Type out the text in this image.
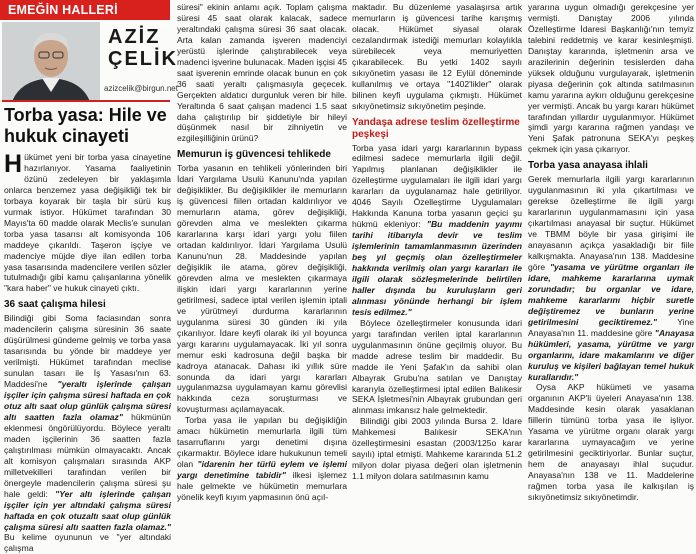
EMEĞİN HALLERİ
AZİZ
ÇELİK
azizcelik@birgun.net
Torba yasa: Hile ve hukuk cinayeti

Hükümet yeni bir torba yasa cinayetine hazırlanıyor. Yasama faaliyetinin özünü zedeleyen bir yaklaşımla onlarca benzemez yasa değişikliği tek bir torbaya koyarak bir taşla bir sürü kuş vurmak istiyor. Hükümet tarafından 30 Mayıs'ta 60 madde olarak Meclis'e sunulan torba yasa tasarısı alt komisyonda 106 maddeye çıkarıldı. Taşeron işçiye ve madenciye müjde diye ilan edilen torba yasa tasarısında madencilere verilen sözler tutulmadığı gibi kamu çalışanlarına yönelik "kara haber" ve hukuk cinayeti çıktı.

36 saat çalışma hilesi

Bilindiği gibi Soma faciasından sonra madencilerin çalışma süresinin 36 saate düşürülmesi gündeme gelmiş ve torba yasa tasarısında bu yönde bir maddeye yer verilmişti. Hükümet tarafından meclise sunulan tasarı ile İş Yasası'nın 63. Maddesi'ne "yeraltı işlerinde çalışan işçiler için çalışma süresi haftada en çok otuz altı saat olup günlük çalışma süresi altı saatten fazla olamaz" hükmünün eklenmesi öngörülüyordu. Böylece yeraltı maden işçilerinin 36 saatten fazla çalıştırılması mümkün olmayacaktı. Ancak alt komisyon çalışmaları sırasında AKP milletvekilleri tarafından verilen bir önergeyle madencilerin çalışma süresi şu hale geldi: "Yer altı işlerinde çalışan işçiler için yer altındaki çalışma süresi haftada en çok otuzaltı saat olup günlük çalışma süresi altı saatten fazla olamaz." Bu kelime oyununun ve "yer altındaki çalışma

süresi" ekinin anlamı açık. Toplam çalışma süresi 45 saat olarak kalacak, sadece yeraltındaki çalışma süresi 36 saat olacak. Arta kalan zamanda işveren madenciyi yerüstü işlerinde çalıştırabilecek veya madenci işverine bulunacak. Maden işçisi 45 saat işverenin emrinde olacak bunun en çok 36 saati yeraltı çalışmasıyla geçecek. Gerçekten aldatıcı durgunluk veren bir hile. Yeraltında 6 saat çalışan madenci 1.5 saat daha çalıştırılıp bir şiddetiyle bir hileyi düşünmek nasıl bir zihniyetin ve ezgileşilliğinin ürünü?

Memurun iş güvencesi tehlikede

Torba yasanın en tehlikeli yönlerinden biri İdari Yargılama Usulü Kanunu'nda yapılan değişiklikler. Bu değişiklikler ile memurların iş güvencesi fiilen ortadan kaldırılıyor ve memurların atama, görev değişikliği, görevden alma ve meslekten çıkarma kararlarına karşı idari yargı yolu fiilen ortadan kaldırılıyor. İdari Yargılama Usulü Kanunu'nun 28. Maddesinde yapılan değişiklik ile atama, görev değişikliği, görevden alma ve meslekten çıkarmaya ilişkin idari yargı kararlarının yerine getirilmesi, sadece iptal verilen işlemin iptali ve yürütmeyi durdurma kararlarının uygulanma süresi 30 günden iki yıla çıkarılıyor. İdare keyfi olarak iki yıl boyunca yargı kararını uygulamayacak. İki yıl sonra memur eski kadrosuna değil başka bir kadroya atanacak. Dahası iki yıllık süre sonunda da idari yargı kararları uygulanmazsa uygulamayan kamu görevlisi hakkında ceza soruşturması ve kovuşturması açılamayacak.

Torba yasa ile yapılan bu değişikliğin amacı hükümetin memurlarla ilgili tüm tasarruflarını yargı denetimi dışına çıkarmaktır. Böylece idare hukukunun temeli olan "idarenin her türlü eylem ve işlemi yargı denetimine tabidir" ilkesi işlemez hale gelmekte ve hükümetin memurlara yönelik keyfi kıyım yapmasının önü açıl-

maktadır. Bu düzenleme yasalaşırsa artık memurların iş güvencesi tarihe karışmış olacak. Hükümet siyasal olarak cezalandırmak istediği memurları kolaylıkla sürebilecek veya memuriyetten çıkarabilecek. Bu yetki 1402 sayılı sıkıyönetim yasası ile 12 Eylül döneminde kullanılmış ve ortaya "1402'likler" olarak bilinen keyfi uygulama çıkmıştı. Hükümet sıkıyönetimsiz sıkıyönetim peşinde.

Yandaşa adrese teslim özelleştirme
peşkeşi

Torba yasa idari yargı kararlarının bypass edilmesi sadece memurlarla ilgili değil. Yapılmış planlanan değişiklikler ile özelleştirme uygulamaları ile ilgili idari yargı kararları da uygulanamaz hale getiriliyor. 4046 Sayılı Özelleştirme Uygulamaları Hakkında Kanuna torba yasanın geçici şu hükmü ekleniyor: "Bu maddenin yayımı tarihi itibarıyla devir ve teslim işlemlerinin tamamlanmasının üzerinden beş yıl geçmiş olan özelleştirmeler hakkında verilmiş olan yargı kararları ile ilgili olarak sözleşmelerinde belirtilen haller dışında bu kuruluşların geri alınması yönünde herhangi bir işlem tesis edilmez."

Böylece özelleştirmeler konusunda idari yargı tarafından verilen iptal kararlarının uygulanmasının önüne geçilmiş oluyor. Bu madde adrese teslim bir maddedir. Bu madde ile Yeni Şafak'ın da sahibi olan Albayrak Grubu'na satılan ve Danıştay kararıyla özelleştirmesi iptal edilen Balıkesir SEKA İşletmesi'nin Albayrak grubundan geri alınması imkansız hale gelmektedir.

Bilindiği gibi 2003 yılında Bursa 2. İdare Mahkemesi Balıkesir SEKA'nın özelleştirmesini esastan (2003/125o karar sayılı) iptal etmişti. Mahkeme kararında 51.2 milyon dolar piyasa değeri olan işletmenin 1.1 milyon dolara satılmasının kamu

yararına uygun olmadığı gerekçesine yer vermişti. Danıştay 2006 yılında Özelleştirme İdaresi Başkanlığı'nın temyiz talebini reddetmiş ve karar kesinleşmişti. Danıştay kararında, işletmenin arsa ve arazilerinin değerinin tesislerden daha yüksek olduğunu vurgulayarak, işletmenin piyasa değerinin çok altında satılmasının kamu yararına aykırı olduğunu gerekçesine yer vermişti. Ancak bu yargı kararı hükümet tarafından yıllardır uygulanmıyor. Hükümet şimdi yargı kararına rağmen yandaşı ve Yeni Şafak patronuna SEKA'yı peşkeş çekmek için yasa çıkarıyor.

Torba yasa anayasa ihlali

Gerek memurlarla ilgili yargı kararlarının uygulanmasının iki yıla çıkartılması ve gerekse özelleştirme ile ilgili yargı kararlarının uygulanmamasını için yasa çıkartılması anayasal bir suçtur. Hükümet ve TBMM böyle bir yasa girişimi ile anayasanın açıkça yasakladığı bir fiile kalkışmakta. Anayasa'nın 138. Maddesine göre "yasama ve yürütme organları ile idare, mahkeme kararlarına uymak zorundadır; bu organlar ve idare, mahkeme kararlarını hiçbir suretle değiştiremez ve bunların yerine getirilmesini geciktiremez." Yine Anayasa'nın 11. maddesine göre "Anayasa hükümleri, yasama, yürütme ve yargı organlarını, idare makamlarını ve diğer kuruluş ve kişileri bağlayan temel hukuk kurallarıdır."

Oysa AKP hükümeti ve yasama organının AKP'li üyeleri Anayasa'nın 138. Maddesinde kesin olarak yasaklanan fiillerin tümünü torba yasa ile işliyor. Yasama ve yürütme organı olarak yargı kararlarına uymayacağım ve yerine getirilmesini geciktiriyorlar. Bunlar suçtur, hem de anayasayı ihlal suçudur. Anayasa'nın 138 ve 11. Maddelerine rağmen torba yasa ile kalkışılan iş sıkıyönetimsiz sıkıyönetimdir.
